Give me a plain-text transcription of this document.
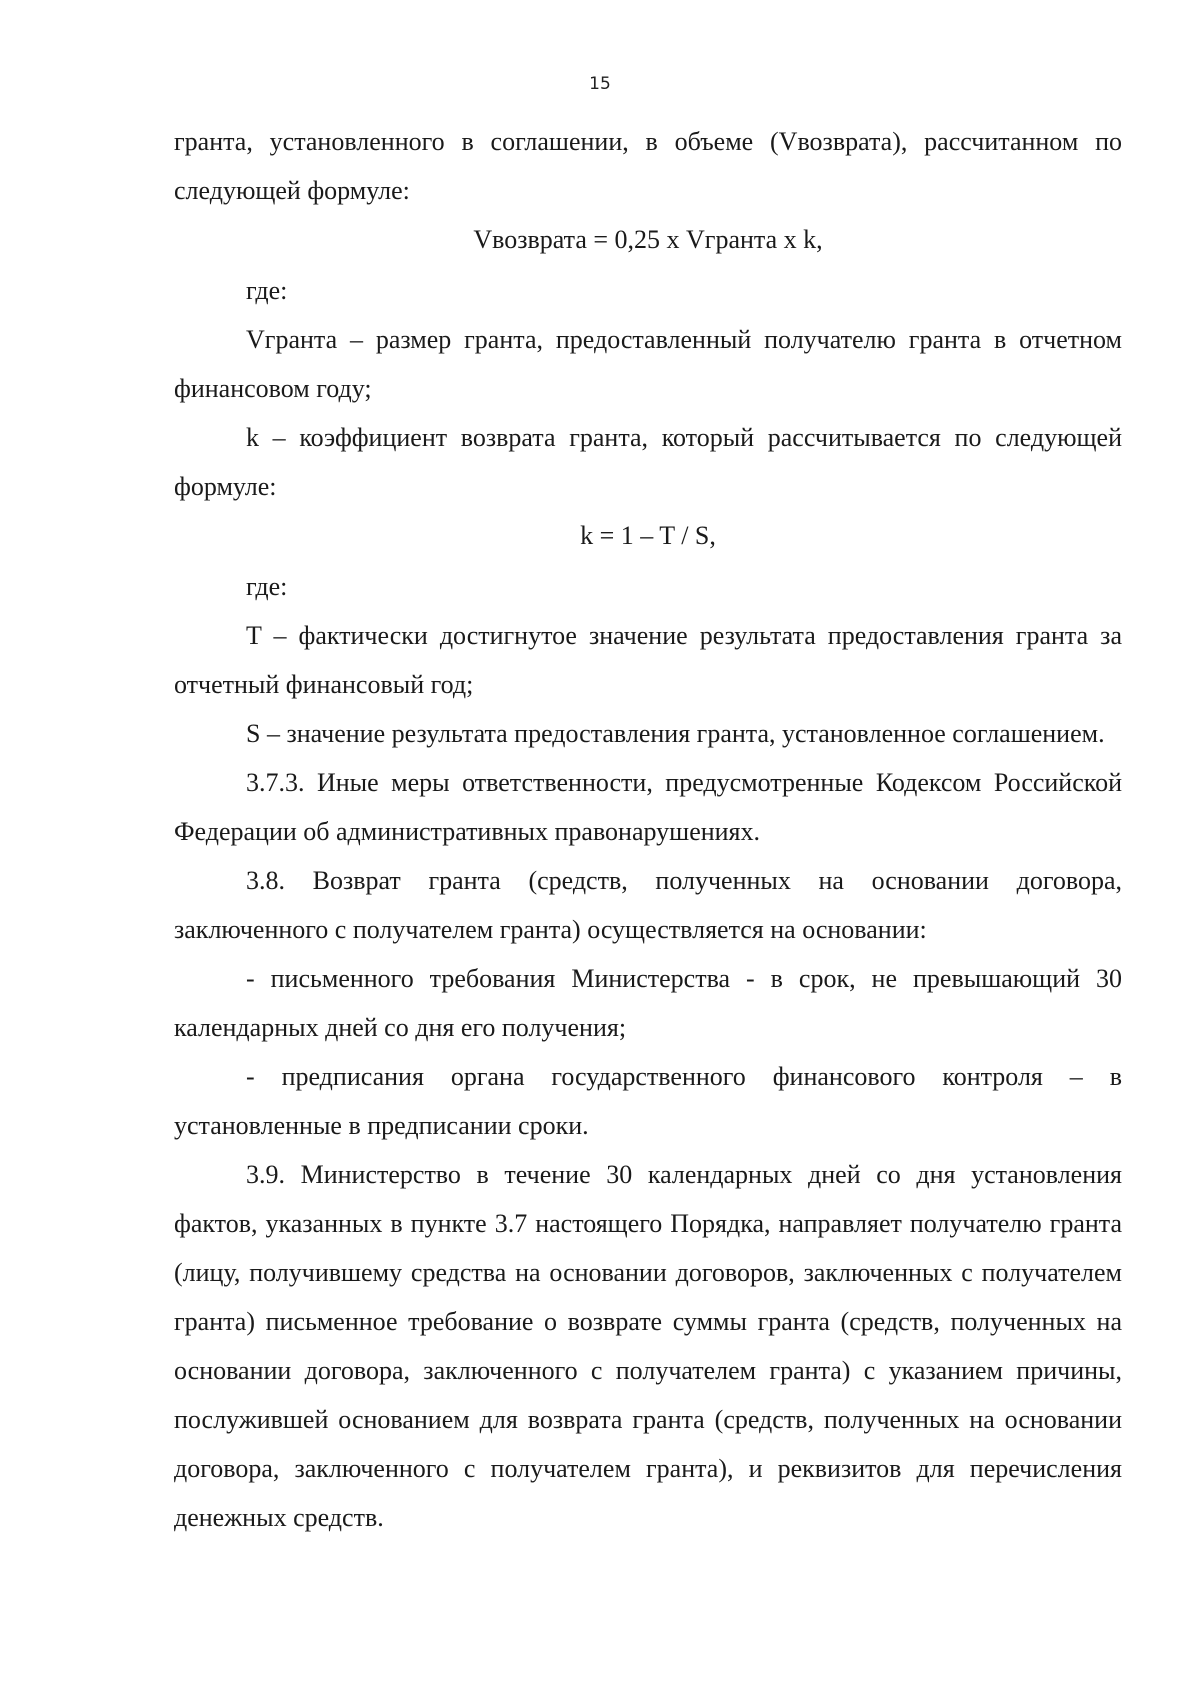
15

гранта, установленного в соглашении, в объеме (Vвозврата), рассчитанном по следующей формуле:

Vвозврата = 0,25 х Vгранта х k,

где:

Vгранта – размер гранта, предоставленный получателю гранта в отчетном финансовом году;

k – коэффициент возврата гранта, который рассчитывается по следующей формуле:

k = 1 – T / S,

где:

T – фактически достигнутое значение результата предоставления гранта за отчетный финансовый год;

S – значение результата предоставления гранта, установленное соглашением.

3.7.3. Иные меры ответственности, предусмотренные Кодексом Российской Федерации об административных правонарушениях.

3.8. Возврат гранта (средств, полученных на основании договора, заключенного с получателем гранта) осуществляется на основании:

- письменного требования Министерства - в срок, не превышающий 30 календарных дней со дня его получения;

- предписания органа государственного финансового контроля – в установленные в предписании сроки.

3.9. Министерство в течение 30 календарных дней со дня установления фактов, указанных в пункте 3.7 настоящего Порядка, направляет получателю гранта (лицу, получившему средства на основании договоров, заключенных с получателем гранта) письменное требование о возврате суммы гранта (средств, полученных на основании договора, заключенного с получателем гранта) с указанием причины, послужившей основанием для возврата гранта (средств, полученных на основании договора, заключенного с получателем гранта), и реквизитов для перечисления денежных средств.
